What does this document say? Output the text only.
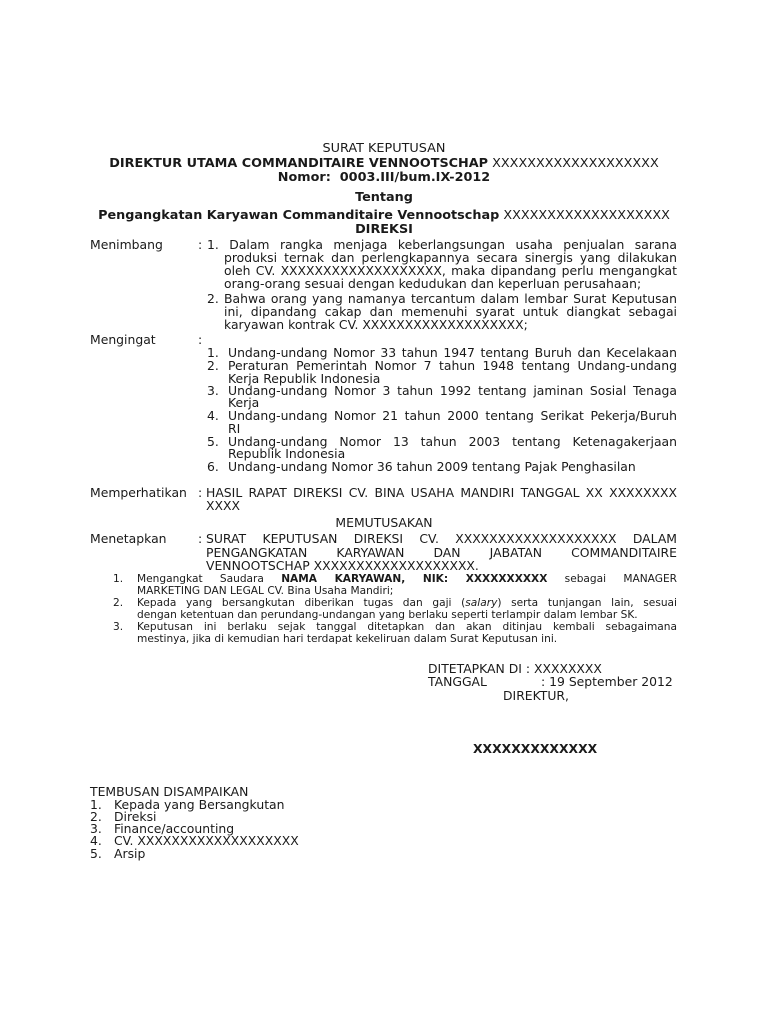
SURAT KEPUTUSAN
DIREKTUR UTAMA COMMANDITAIRE VENNOOTSCHAP XXXXXXXXXXXXXXXXXXX
Nomor: 0003.III/bum.IX-2012
Tentang
Pengangkatan Karyawan Commanditaire Vennootschap XXXXXXXXXXXXXXXXXXX
DIREKSI
Menimbang	: 1. Dalam rangka menjaga keberlangsungan usaha penjualan sarana
produksi ternak dan perlengkapannya secara sinergis yang dilakukan
oleh CV. XXXXXXXXXXXXXXXXXXX, maka dipandang perlu mengangkat
orang-orang sesuai dengan kedudukan dan keperluan perusahaan;
2. Bahwa orang yang namanya tercantum dalam lembar Surat Keputusan
ini, dipandang cakap dan memenuhi syarat untuk diangkat sebagai
karyawan kontrak CV. XXXXXXXXXXXXXXXXXXX;
Mengingat	:
1. Undang-undang Nomor 33 tahun 1947 tentang Buruh dan Kecelakaan
2. Peraturan Pemerintah Nomor 7 tahun 1948 tentang Undang-undang
Kerja Republik Indonesia
3. Undang-undang Nomor 3 tahun 1992 tentang jaminan Sosial Tenaga
Kerja
4. Undang-undang Nomor 21 tahun 2000 tentang Serikat Pekerja/Buruh
RI
5. Undang-undang Nomor 13 tahun 2003 tentang Ketenagakerjaan
Republik Indonesia
6. Undang-undang Nomor 36 tahun 2009 tentang Pajak Penghasilan
Memperhatikan : HASIL RAPAT DIREKSI CV. BINA USAHA MANDIRI TANGGAL XX XXXXXXXX
XXXX
MEMUTUSAKAN
Menetapkan	: SURAT KEPUTUSAN DIREKSI CV. XXXXXXXXXXXXXXXXXXX DALAM
PENGANGKATAN KARYAWAN DAN JABATAN COMMANDITAIRE
VENNOOTSCHAP XXXXXXXXXXXXXXXXXXX.
1. Mengangkat Saudara NAMA KARYAWAN, NIK: XXXXXXXXXX sebagai MANAGER
MARKETING DAN LEGAL CV. Bina Usaha Mandiri;
2. Kepada yang bersangkutan diberikan tugas dan gaji (salary) serta tunjangan lain, sesuai
dengan ketentuan dan perundang-undangan yang berlaku seperti terlampir dalam lembar SK.
3. Keputusan ini berlaku sejak tanggal ditetapkan dan akan ditinjau kembali sebagaimana
mestinya, jika di kemudian hari terdapat kekeliruan dalam Surat Keputusan ini.
DITETAPKAN DI : XXXXXXXX
TANGGAL	: 19 September 2012
DIREKTUR,
XXXXXXXXXXXXX
TEMBUSAN DISAMPAIKAN
1. Kepada yang Bersangkutan
2. Direksi
3. Finance/accounting
4. CV. XXXXXXXXXXXXXXXXXXX
5. Arsip
